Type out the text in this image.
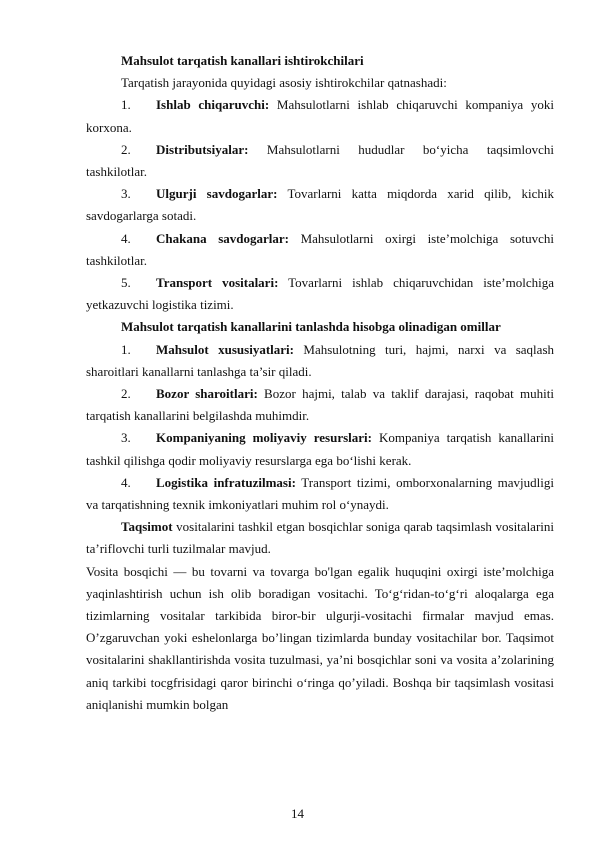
Mahsulot tarqatish kanallari ishtirokchilari

Tarqatish jarayonida quyidagi asosiy ishtirokchilar qatnashadi:

1. Ishlab chiqaruvchi: Mahsulotlarni ishlab chiqaruvchi kompaniya yoki korxona.

2. Distributsiyalar: Mahsulotlarni hududlar bo‘yicha taqsimlovchi tashkilotlar.

3. Ulgurji savdogarlar: Tovarlarni katta miqdorda xarid qilib, kichik savdogarlarga sotadi.

4. Chakana savdogarlar: Mahsulotlarni oxirgi iste’molchiga sotuvchi tashkilotlar.

5. Transport vositalari: Tovarlarni ishlab chiqaruvchidan iste’molchiga yetkazuvchi logistika tizimi.

Mahsulot tarqatish kanallarini tanlashda hisobga olinadigan omillar

1. Mahsulot xususiyatlari: Mahsulotning turi, hajmi, narxi va saqlash sharoitlari kanallarni tanlashga ta’sir qiladi.

2. Bozor sharoitlari: Bozor hajmi, talab va taklif darajasi, raqobat muhiti tarqatish kanallarini belgilashda muhimdir.

3. Kompaniyaning moliyaviy resurslari: Kompaniya tarqatish kanallarini tashkil qilishga qodir moliyaviy resurslarga ega bo‘lishi kerak.

4. Logistika infratuzilmasi: Transport tizimi, omborxonalarning mavjudligi va tarqatishning texnik imkoniyatlari muhim rol o‘ynaydi.

Taqsimot vositalarini tashkil etgan bosqichlar soniga qarab taqsimlash vositalarini ta’riflovchi turli tuzilmalar mavjud.

Vosita bosqichi — bu tovarni va tovarga bo'lgan egalik huquqini oxirgi iste’molchiga yaqinlashtirish uchun ish olib boradigan vositachi. To‘g‘ridan-to‘g‘ri aloqalarga ega tizimlarning vositalar tarkibida biror-bir ulgurji-vositachi firmalar mavjud emas. O’zgaruvchan yoki eshelonlarga bo’lingan tizimlarda bunday vositachilar bor. Taqsimot vositalarini shakllantirishda vosita tuzulmasi, ya’ni bosqichlar soni va vosita a’zolarining aniq tarkibi tocgfrisidagi qaror birinchi o‘ringa qo’yiladi. Boshqa bir taqsimlash vositasi aniqlanishi mumkin bolgan

14
